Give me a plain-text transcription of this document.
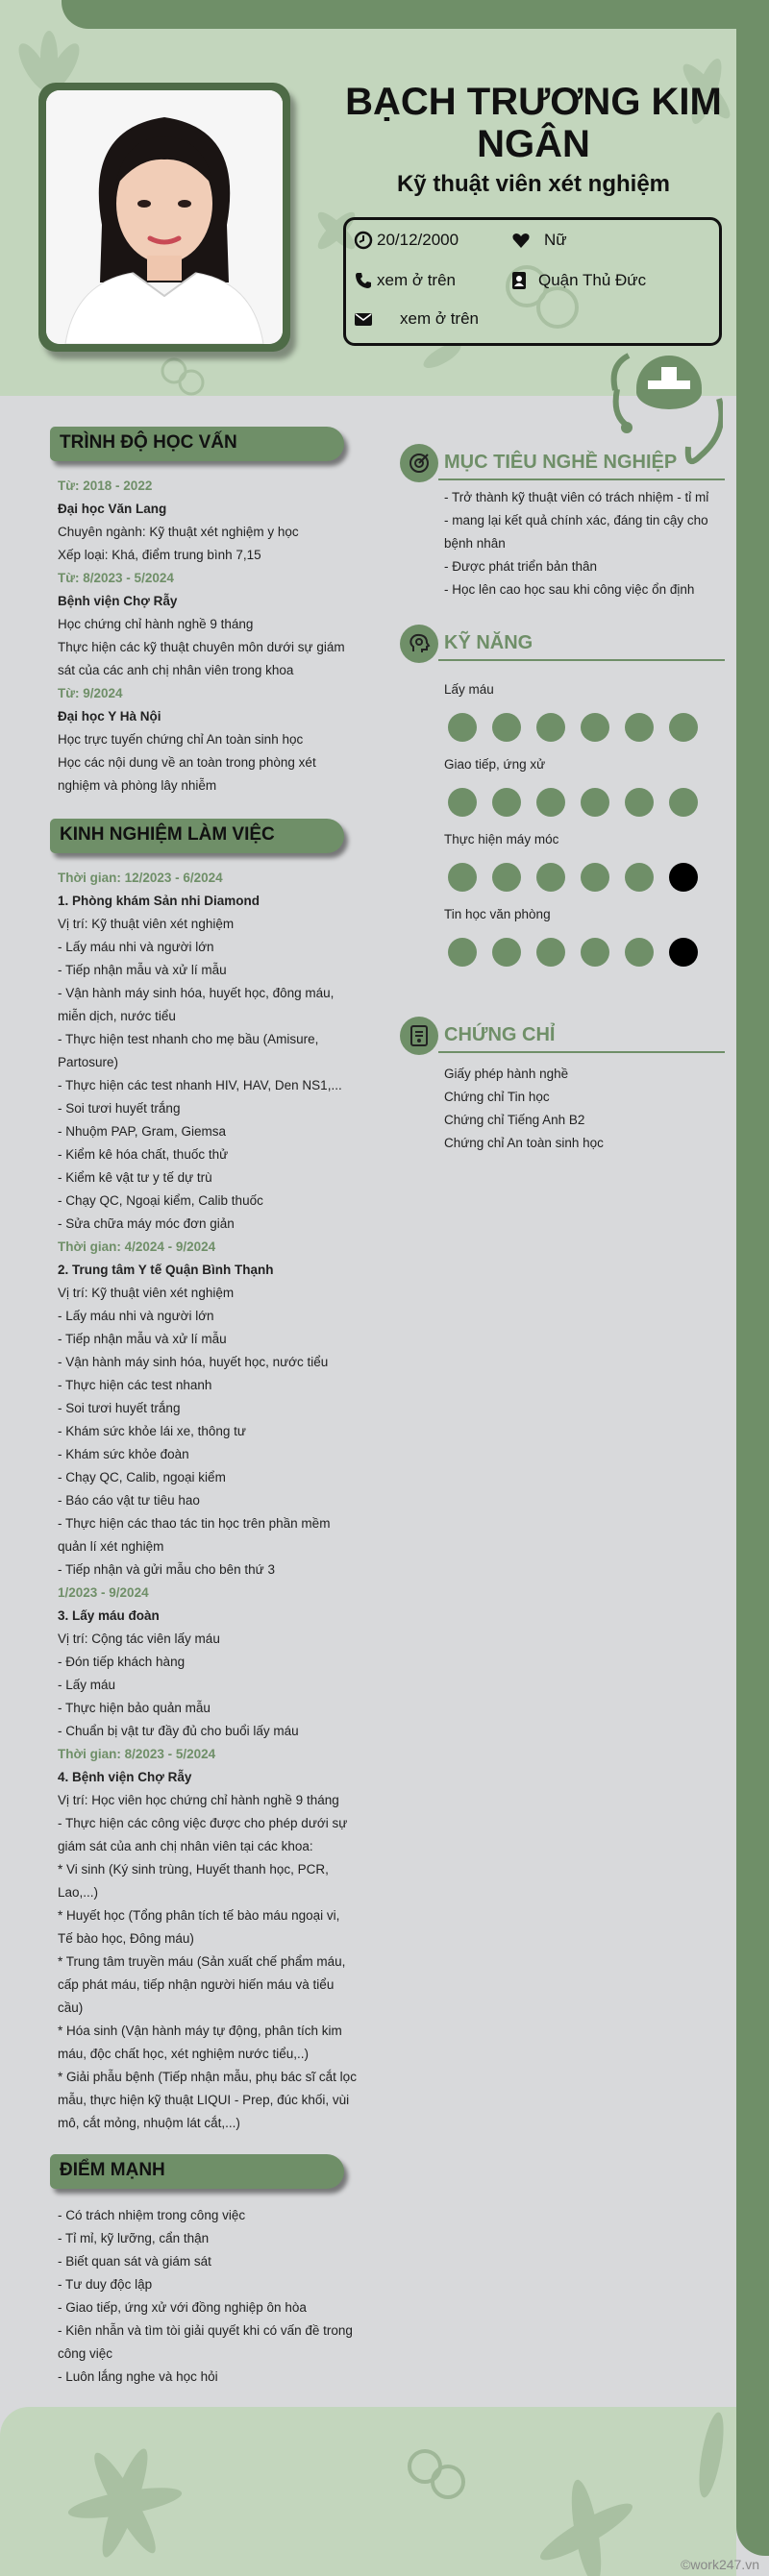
BẠCH TRƯƠNG KIM
NGÂN
Kỹ thuật viên xét nghiệm
20/12/2000	Nữ
xem ở trên	Quận Thủ Đức
xem ở trên
TRÌNH ĐỘ HỌC VẤN

Từ: 2018 - 2022

Đại học Văn Lang

Chuyên ngành: Kỹ thuật xét nghiệm y học

Xếp loại: Khá, điểm trung bình 7,15

Từ: 8/2023 - 5/2024

Bệnh viện Chợ Rẫy

Học chứng chỉ hành nghề 9 tháng

Thực hiện các kỹ thuật chuyên môn dưới sự giám sát của các anh chị nhân viên trong khoa

Từ: 9/2024

Đại học Y Hà Nội

Học trực tuyến chứng chỉ An toàn sinh học

Học các nội dung về an toàn trong phòng xét nghiệm và phòng lây nhiễm

KINH NGHIỆM LÀM VIỆC

Thời gian: 12/2023 - 6/2024

1. Phòng khám Sản nhi Diamond

Vị trí: Kỹ thuật viên xét nghiệm

- Lấy máu nhi và người lớn

- Tiếp nhận mẫu và xử lí mẫu

- Vận hành máy sinh hóa, huyết học, đông máu, miễn dịch, nước tiểu

- Thực hiện test nhanh cho mẹ bầu (Amisure, Partosure)

- Thực hiện các test nhanh HIV, HAV, Den NS1,...

- Soi tươi huyết trắng

- Nhuộm PAP, Gram, Giemsa

- Kiểm kê hóa chất, thuốc thử

- Kiểm kê vật tư y tế dự trù

- Chạy QC, Ngoại kiểm, Calib thuốc

- Sửa chữa máy móc đơn giản

Thời gian: 4/2024 - 9/2024

2. Trung tâm Y tế Quận Bình Thạnh

Vị trí: Kỹ thuật viên xét nghiệm

- Lấy máu nhi và người lớn

- Tiếp nhận mẫu và xử lí mẫu

- Vận hành máy sinh hóa, huyết học, nước tiểu

- Thực hiện các test nhanh

- Soi tươi huyết trắng

- Khám sức khỏe lái xe, thông tư

- Khám sức khỏe đoàn

- Chạy QC, Calib, ngoại kiểm

- Báo cáo vật tư tiêu hao

- Thực hiện các thao tác tin học trên phần mềm quản lí xét nghiệm

- Tiếp nhận và gửi mẫu cho bên thứ 3

1/2023 - 9/2024

3. Lấy máu đoàn

Vị trí: Cộng tác viên lấy máu

- Đón tiếp khách hàng

- Lấy máu

- Thực hiện bảo quản mẫu

- Chuẩn bị vật tư đầy đủ cho buổi lấy máu

Thời gian: 8/2023 - 5/2024

4. Bệnh viện Chợ Rẫy

Vị trí: Học viên học chứng chỉ hành nghề 9 tháng

- Thực hiện các công việc được cho phép dưới sự giám sát của anh chị nhân viên tại các khoa:

* Vi sinh (Ký sinh trùng, Huyết thanh học, PCR, Lao,...)

* Huyết học (Tổng phân tích tế bào máu ngoại vi, Tế bào học, Đông máu)

* Trung tâm truyền máu (Sản xuất chế phẩm máu, cấp phát máu, tiếp nhận người hiến máu và tiểu cầu)

* Hóa sinh (Vận hành máy tự động, phân tích kim máu, độc chất học, xét nghiệm nước tiểu,..)

* Giải phẫu bệnh (Tiếp nhận mẫu, phụ bác sĩ cắt lọc mẫu, thực hiện kỹ thuật LIQUI - Prep, đúc khối, vùi mô, cắt mỏng, nhuộm lát cắt,...)

ĐIỂM MẠNH

- Có trách nhiệm trong công việc

- Tỉ mỉ, kỹ lưỡng, cẩn thận

- Biết quan sát và giám sát

- Tư duy độc lập

- Giao tiếp, ứng xử với đồng nghiệp ôn hòa

- Kiên nhẫn và tìm tòi giải quyết khi có vấn đề trong công việc

- Luôn lắng nghe và học hỏi

MỤC TIÊU NGHỀ NGHIỆP

- Trở thành kỹ thuật viên có trách nhiệm - tỉ mỉ

- mang lại kết quả chính xác, đáng tin cậy cho bệnh nhân

- Được phát triển bản thân

- Học lên cao học sau khi công việc ổn định

KỸ NĂNG
Lấy máu
Giao tiếp, ứng xử
Thực hiện máy móc
Tin học văn phòng
CHỨNG CHỈ

Giấy phép hành nghề

Chứng chỉ Tin học

Chứng chỉ Tiếng Anh B2

Chứng chỉ An toàn sinh học

©work247.vn
